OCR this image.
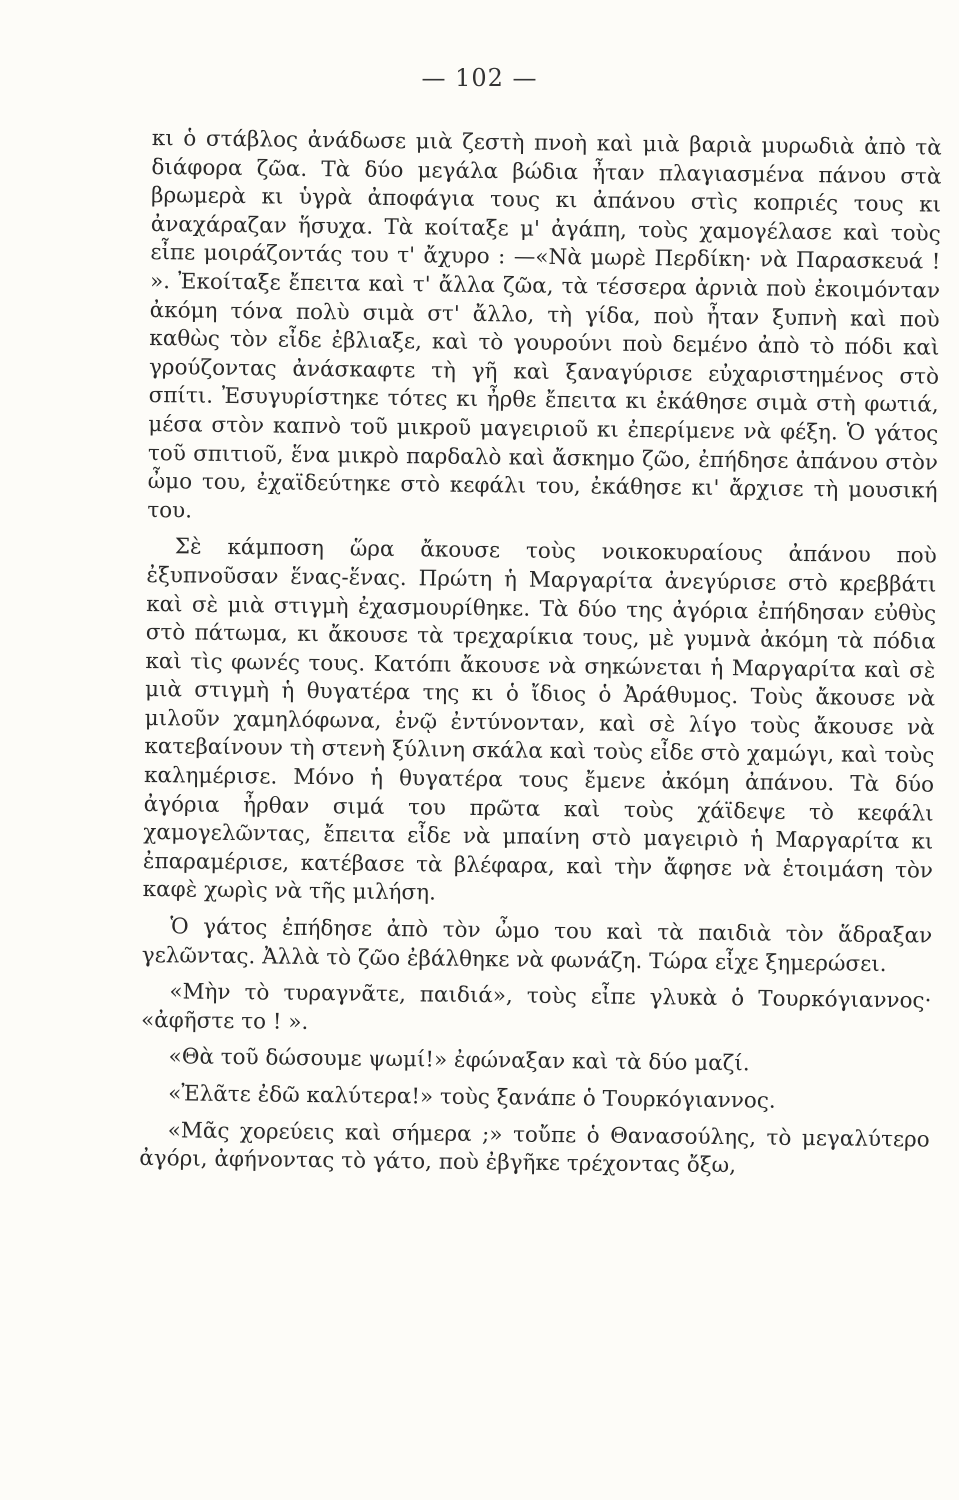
— 102 —

κι ὁ στάβλος ἀνάδωσε μιὰ ζεστὴ πνοὴ καὶ μιὰ βαριὰ μυρωδιὰ ἀπὸ τὰ διάφορα ζῶα. Τὰ δύο μεγάλα βώδια ἦταν πλαγιασμένα πάνου στὰ βρωμερὰ κι ὑγρὰ ἀποφάγια τους κι ἀπάνου στὶς κοπριές τους κι ἀναχάραζαν ἥσυχα. Τὰ κοίταξε μ' ἀγάπη, τοὺς χαμογέλασε καὶ τοὺς εἶπε μοιράζοντάς του τ' ἄχυρο : —«Νὰ μωρὲ Περδίκη· νὰ Παρασκευά ! ». Ἐκοίταξε ἔπειτα καὶ τ' ἄλλα ζῶα, τὰ τέσσερα ἀρνιὰ ποὺ ἐκοιμόνταν ἀκόμη τόνα πολὺ σιμὰ στ' ἄλλο, τὴ γίδα, ποὺ ἦταν ξυπνὴ καὶ ποὺ καθὼς τὸν εἶδε ἐβλιαξε, καὶ τὸ γουρούνι ποὺ δεμένο ἀπὸ τὸ πόδι καὶ γρούζοντας ἀνάσκαφτε τὴ γῆ καὶ ξαναγύρισε εὐχαριστημένος στὸ σπίτι. Ἐσυγυρίστηκε τότες κι ἦρθε ἔπειτα κι ἐκάθησε σιμὰ στὴ φωτιά, μέσα στὸν καπνὸ τοῦ μικροῦ μαγειριοῦ κι ἐπερίμενε νὰ φέξη. Ὁ γάτος τοῦ σπιτιοῦ, ἕνα μικρὸ παρδαλὸ καὶ ἄσκημο ζῶο, ἐπήδησε ἀπάνου στὸν ὦμο του, ἐχαϊδεύτηκε στὸ κεφάλι του, ἐκάθησε κι' ἄρχισε τὴ μουσική του.

Σὲ κάμποση ὥρα ἄκουσε τοὺς νοικοκυραίους ἀπάνου ποὺ ἐξυπνοῦσαν ἕνας-ἕνας. Πρώτη ἡ Μαργαρίτα ἀνεγύρισε στὸ κρεββάτι καὶ σὲ μιὰ στιγμὴ ἐχασμουρίθηκε. Τὰ δύο της ἀγόρια ἐπήδησαν εὐθὺς στὸ πάτωμα, κι ἄκουσε τὰ τρεχαρίκια τους, μὲ γυμνὰ ἀκόμη τὰ πόδια καὶ τὶς φωνές τους. Κατόπι ἄκουσε νὰ σηκώνεται ἡ Μαργαρίτα καὶ σὲ μιὰ στιγμὴ ἡ θυγατέρα της κι ὁ ἴδιος ὁ Ἀράθυμος. Τοὺς ἄκουσε νὰ μιλοῦν χαμηλόφωνα, ἐνῷ ἐντύνονταν, καὶ σὲ λίγο τοὺς ἄκουσε νὰ κατεβαίνουν τὴ στενὴ ξύλινη σκάλα καὶ τοὺς εἶδε στὸ χαμώγι, καὶ τοὺς καλημέρισε. Μόνο ἡ θυγατέρα τους ἔμενε ἀκόμη ἀπάνου. Τὰ δύο ἀγόρια ἦρθαν σιμά του πρῶτα καὶ τοὺς χάϊδεψε τὸ κεφάλι χαμογελῶντας, ἔπειτα εἶδε νὰ μπαίνη στὸ μαγειριὸ ἡ Μαργαρίτα κι ἐπαραμέρισε, κατέβασε τὰ βλέφαρα, καὶ τὴν ἄφησε νὰ ἑτοιμάση τὸν καφὲ χωρὶς νὰ τῆς μιλήση.

Ὁ γάτος ἐπήδησε ἀπὸ τὸν ὦμο του καὶ τὰ παιδιὰ τὸν ἅδραξαν γελῶντας. Ἀλλὰ τὸ ζῶο ἐβάλθηκε νὰ φωνάζη. Τώρα εἶχε ξημερώσει.

«Μὴν τὸ τυραγνᾶτε, παιδιά», τοὺς εἶπε γλυκὰ ὁ Τουρκόγιαννος· «ἀφῆστε το ! ».

«Θὰ τοῦ δώσουμε ψωμί!» ἐφώναξαν καὶ τὰ δύο μαζί.

«Ἐλᾶτε ἐδῶ καλύτερα!» τοὺς ξανάπε ὁ Τουρκόγιαννος.

«Μᾶς χορεύεις καὶ σήμερα ;» τοὔπε ὁ Θανασούλης, τὸ μεγαλύτερο ἀγόρι, ἀφήνοντας τὸ γάτο, ποὺ ἐβγῆκε τρέχοντας ὄξω,
